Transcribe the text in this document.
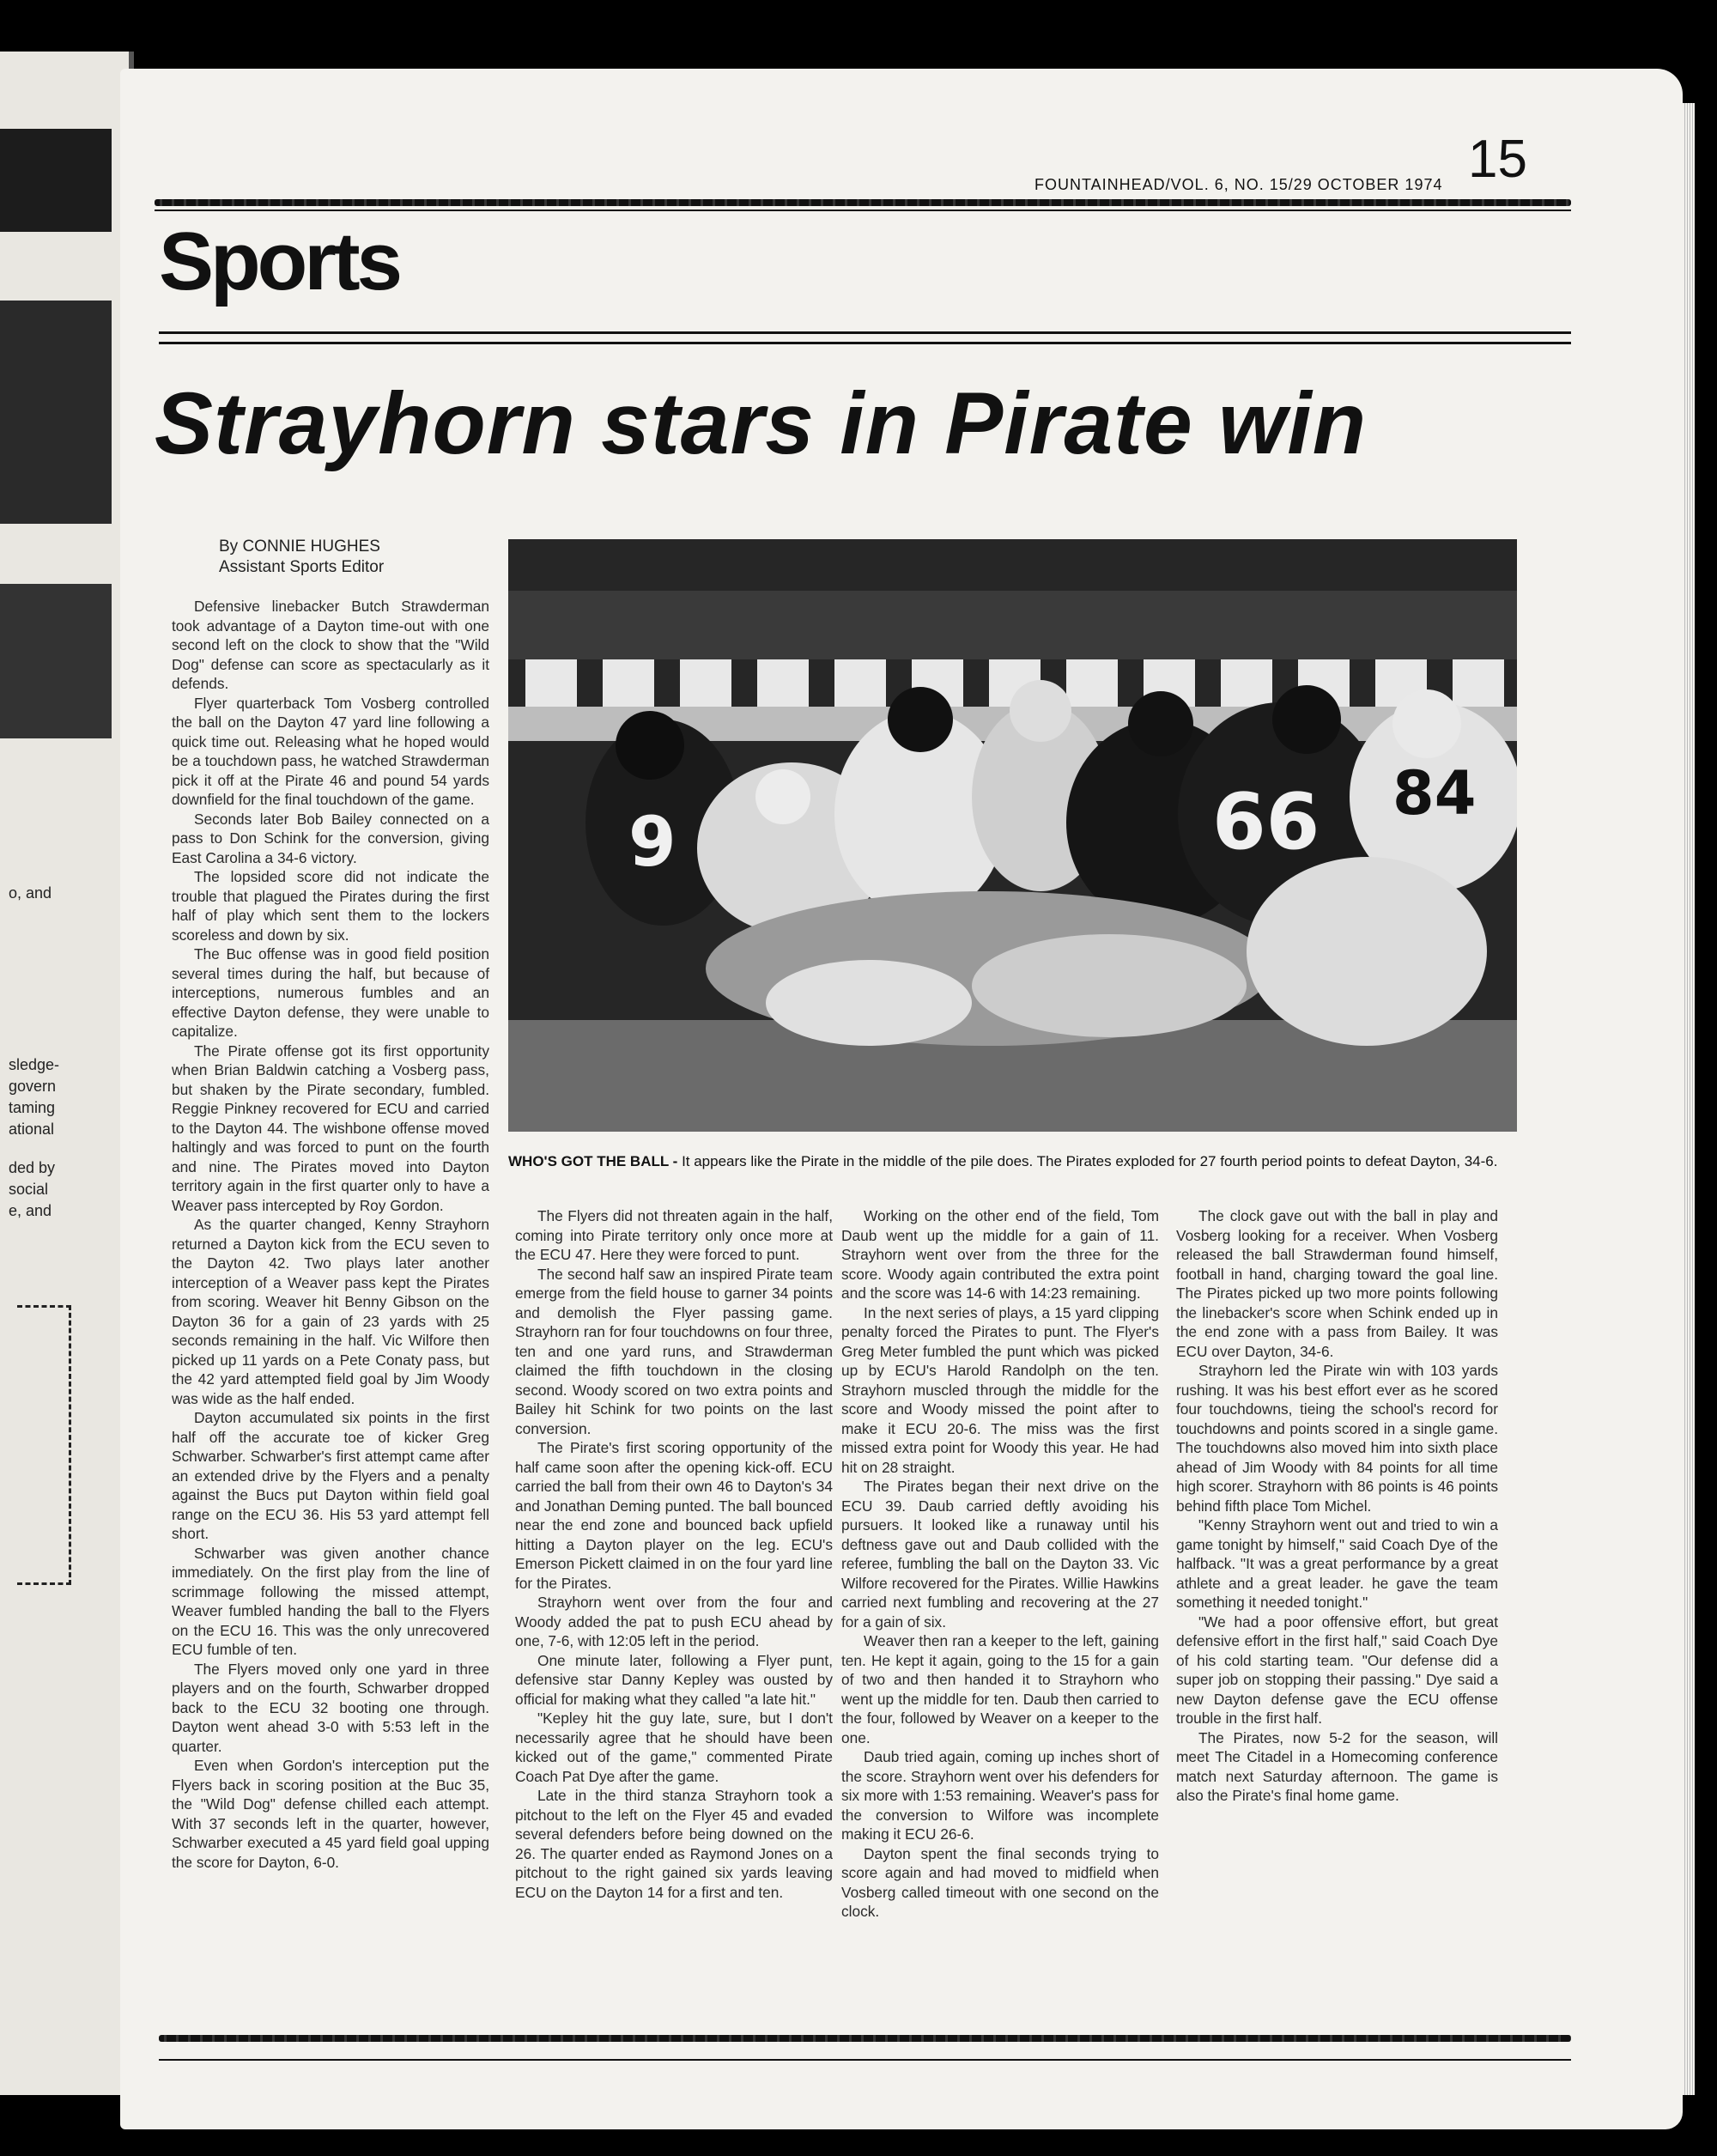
o, and
sledge-
govern
taming
ational
ded by
social
e, and
15
FOUNTAINHEAD/VOL. 6, NO. 15/29 OCTOBER 1974
Sports
Strayhorn stars in Pirate win
By CONNIE HUGHES
Assistant Sports Editor
9	66 84
WHO'S GOT THE BALL - It appears like the Pirate in the middle of the pile does. The Pirates exploded for 27 fourth period points to defeat Dayton, 34-6.

Defensive linebacker Butch Strawderman took advantage of a Dayton time-out with one second left on the clock to show that the "Wild Dog" defense can score as spectacularly as it defends.

Flyer quarterback Tom Vosberg controlled the ball on the Dayton 47 yard line following a quick time out. Releasing what he hoped would be a touchdown pass, he watched Strawderman pick it off at the Pirate 46 and pound 54 yards downfield for the final touchdown of the game.

Seconds later Bob Bailey connected on a pass to Don Schink for the conversion, giving East Carolina a 34-6 victory.

The lopsided score did not indicate the trouble that plagued the Pirates during the first half of play which sent them to the lockers scoreless and down by six.

The Buc offense was in good field position several times during the half, but because of interceptions, numerous fumbles and an effective Dayton defense, they were unable to capitalize.

The Pirate offense got its first opportunity when Brian Baldwin catching a Vosberg pass, but shaken by the Pirate secondary, fumbled. Reggie Pinkney recovered for ECU and carried to the Dayton 44. The wishbone offense moved haltingly and was forced to punt on the fourth and nine. The Pirates moved into Dayton territory again in the first quarter only to have a Weaver pass intercepted by Roy Gordon.

As the quarter changed, Kenny Strayhorn returned a Dayton kick from the ECU seven to the Dayton 42. Two plays later another interception of a Weaver pass kept the Pirates from scoring. Weaver hit Benny Gibson on the Dayton 36 for a gain of 23 yards with 25 seconds remaining in the half. Vic Wilfore then picked up 11 yards on a Pete Conaty pass, but the 42 yard attempted field goal by Jim Woody was wide as the half ended.

Dayton accumulated six points in the first half off the accurate toe of kicker Greg Schwarber. Schwarber's first attempt came after an extended drive by the Flyers and a penalty against the Bucs put Dayton within field goal range on the ECU 36. His 53 yard attempt fell short.

Schwarber was given another chance immediately. On the first play from the line of scrimmage following the missed attempt, Weaver fumbled handing the ball to the Flyers on the ECU 16. This was the only unrecovered ECU fumble of ten.

The Flyers moved only one yard in three players and on the fourth, Schwarber dropped back to the ECU 32 booting one through. Dayton went ahead 3-0 with 5:53 left in the quarter.

Even when Gordon's interception put the Flyers back in scoring position at the Buc 35, the "Wild Dog" defense chilled each attempt. With 37 seconds left in the quarter, however, Schwarber executed a 45 yard field goal upping the score for Dayton, 6-0.

The Flyers did not threaten again in the half, coming into Pirate territory only once more at the ECU 47. Here they were forced to punt.

The second half saw an inspired Pirate team emerge from the field house to garner 34 points and demolish the Flyer passing game. Strayhorn ran for four touchdowns on four three, ten and one yard runs, and Strawderman claimed the fifth touchdown in the closing second. Woody scored on two extra points and Bailey hit Schink for two points on the last conversion.

The Pirate's first scoring opportunity of the half came soon after the opening kick-off. ECU carried the ball from their own 46 to Dayton's 34 and Jonathan Deming punted. The ball bounced near the end zone and bounced back upfield hitting a Dayton player on the leg. ECU's Emerson Pickett claimed in on the four yard line for the Pirates.

Strayhorn went over from the four and Woody added the pat to push ECU ahead by one, 7-6, with 12:05 left in the period.

One minute later, following a Flyer punt, defensive star Danny Kepley was ousted by official for making what they called "a late hit."

"Kepley hit the guy late, sure, but I don't necessarily agree that he should have been kicked out of the game," commented Pirate Coach Pat Dye after the game.

Late in the third stanza Strayhorn took a pitchout to the left on the Flyer 45 and evaded several defenders before being downed on the 26. The quarter ended as Raymond Jones on a pitchout to the right gained six yards leaving ECU on the Dayton 14 for a first and ten.

Working on the other end of the field, Tom Daub went up the middle for a gain of 11. Strayhorn went over from the three for the score. Woody again contributed the extra point and the score was 14-6 with 14:23 remaining.

In the next series of plays, a 15 yard clipping penalty forced the Pirates to punt. The Flyer's Greg Meter fumbled the punt which was picked up by ECU's Harold Randolph on the ten. Strayhorn muscled through the middle for the score and Woody missed the point after to make it ECU 20-6. The miss was the first missed extra point for Woody this year. He had hit on 28 straight.

The Pirates began their next drive on the ECU 39. Daub carried deftly avoiding his pursuers. It looked like a runaway until his deftness gave out and Daub collided with the referee, fumbling the ball on the Dayton 33. Vic Wilfore recovered for the Pirates. Willie Hawkins carried next fumbling and recovering at the 27 for a gain of six.

Weaver then ran a keeper to the left, gaining ten. He kept it again, going to the 15 for a gain of two and then handed it to Strayhorn who went up the middle for ten. Daub then carried to the four, followed by Weaver on a keeper to the one.

Daub tried again, coming up inches short of the score. Strayhorn went over his defenders for six more with 1:53 remaining. Weaver's pass for the conversion to Wilfore was incomplete making it ECU 26-6.

Dayton spent the final seconds trying to score again and had moved to midfield when Vosberg called timeout with one second on the clock.

The clock gave out with the ball in play and Vosberg looking for a receiver. When Vosberg released the ball Strawderman found himself, football in hand, charging toward the goal line. The Pirates picked up two more points following the linebacker's score when Schink ended up in the end zone with a pass from Bailey. It was ECU over Dayton, 34-6.

Strayhorn led the Pirate win with 103 yards rushing. It was his best effort ever as he scored four touchdowns, tieing the school's record for touchdowns and points scored in a single game. The touchdowns also moved him into sixth place ahead of Jim Woody with 84 points for all time high scorer. Strayhorn with 86 points is 46 points behind fifth place Tom Michel.

"Kenny Strayhorn went out and tried to win a game tonight by himself," said Coach Dye of the halfback. "It was a great performance by a great athlete and a great leader. he gave the team something it needed tonight."

"We had a poor offensive effort, but great defensive effort in the first half," said Coach Dye of his cold starting team. "Our defense did a super job on stopping their passing." Dye said a new Dayton defense gave the ECU offense trouble in the first half.

The Pirates, now 5-2 for the season, will meet The Citadel in a Homecoming conference match next Saturday afternoon. The game is also the Pirate's final home game.
